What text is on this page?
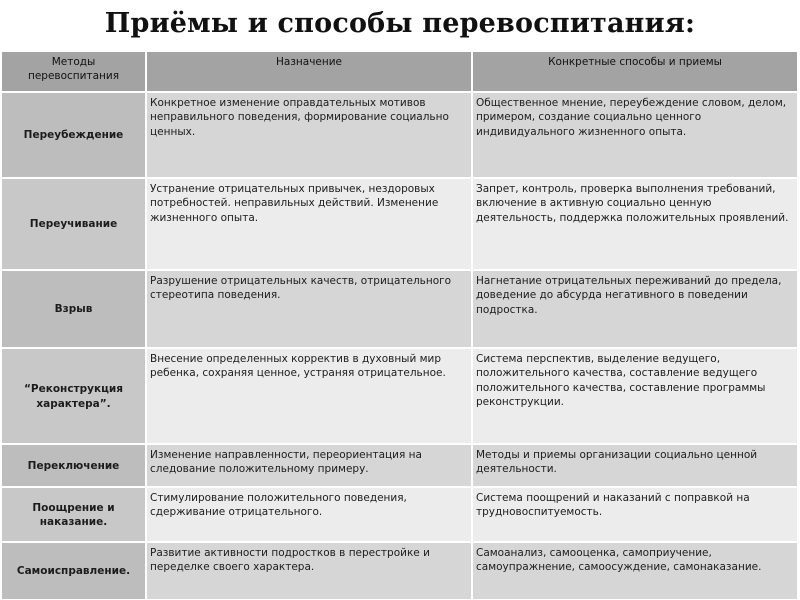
Приёмы и способы перевоспитания:
Методы перевоспитания	Назначение	Конкретные способы и приемы
Переубеждение	Конкретное изменение оправдательных мотивов неправильного поведения, формирование социально ценных.	Общественное мнение, переубеждение словом, делом, примером, создание социально ценного индивидуального жизненного опыта.
Переучивание	Устранение отрицательных привычек, нездоровых потребностей. неправильных действий. Изменение жизненного опыта.	Запрет, контроль, проверка выполнения требований, включение в активную социально ценную деятельность, поддержка положительных проявлений.
Взрыв	Разрушение отрицательных качеств, отрицательного стереотипа поведения.	Нагнетание отрицательных переживаний до предела, доведение до абсурда негативного в поведении подростка.
“Реконструкция характера”.	Внесение определенных корректив в духовный мир ребенка, сохраняя ценное, устраняя отрицательное.	Система перспектив, выделение ведущего, положительного качества, составление ведущего положительного качества, составление программы реконструкции.
Переключение	Изменение направленности, переориентация на следование положительному примеру.	Методы и приемы организации социально ценной деятельности.
Поощрение и наказание.	Стимулирование положительного поведения, сдерживание отрицательного.	Система поощрений и наказаний с поправкой на трудновоспитуемость.
Самоисправление.	Развитие активности подростков в перестройке и переделке своего характера.	Самоанализ, самооценка, самоприучение, самоупражнение, самоосуждение, самонаказание.
